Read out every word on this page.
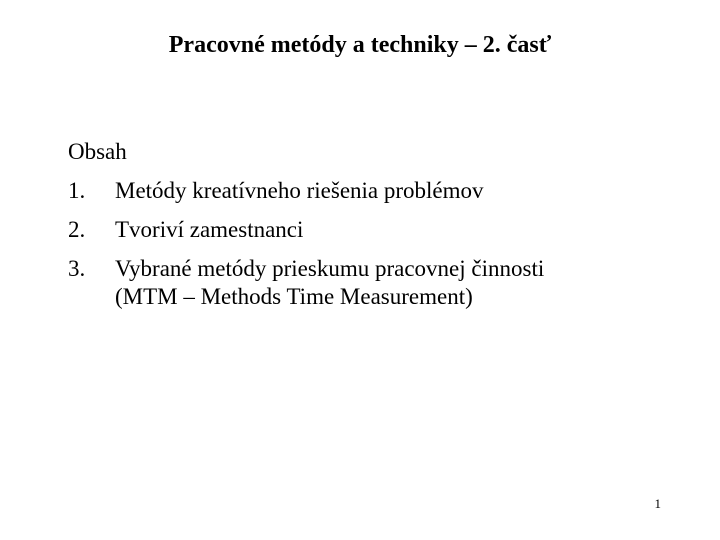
Pracovné metódy a techniky – 2. časť
Obsah
1.	Metódy kreatívneho riešenia problémov
2.	Tvoriví zamestnanci
3.	Vybrané metódy prieskumu pracovnej činnosti
(MTM – Methods Time Measurement)
1
